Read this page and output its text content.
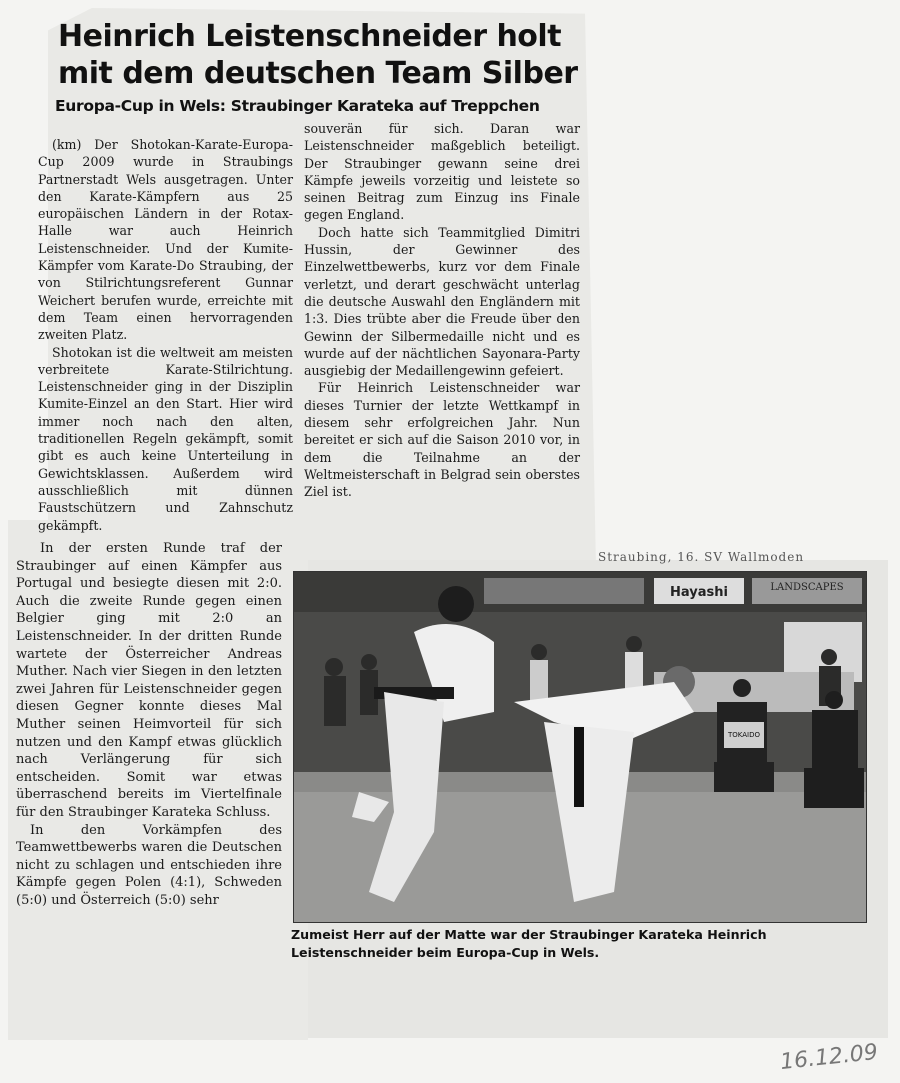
Heinrich Leistenschneider holt mit dem deutschen Team Silber
Europa-Cup in Wels: Straubinger Karateka auf Treppchen

(km) Der Shotokan-Karate-Europa-Cup 2009 wurde in Straubings Partnerstadt Wels ausgetragen. Unter den Karate-Kämpfern aus 25 europäischen Ländern in der Rotax-Halle war auch Heinrich Leistenschneider. Und der Kumite-Kämpfer vom Karate-Do Straubing, der von Stilrichtungsreferent Gunnar Weichert berufen wurde, erreichte mit dem Team einen hervorragenden zweiten Platz.

Shotokan ist die weltweit am meisten verbreitete Karate-Stilrichtung. Leistenschneider ging in der Disziplin Kumite-Einzel an den Start. Hier wird immer noch nach den alten, traditionellen Regeln gekämpft, somit gibt es auch keine Unterteilung in Gewichtsklassen. Außerdem wird ausschließlich mit dünnen Faustschützern und Zahnschutz gekämpft.

souverän für sich. Daran war Leistenschneider maßgeblich beteiligt. Der Straubinger gewann seine drei Kämpfe jeweils vorzeitig und leistete so seinen Beitrag zum Einzug ins Finale gegen England.

Doch hatte sich Teammitglied Dimitri Hussin, der Gewinner des Einzelwettbewerbs, kurz vor dem Finale verletzt, und derart geschwächt unterlag die deutsche Auswahl den Engländern mit 1:3. Dies trübte aber die Freude über den Gewinn der Silbermedaille nicht und es wurde auf der nächtlichen Sayonara-Party ausgiebig der Medaillengewinn gefeiert.

Für Heinrich Leistenschneider war dieses Turnier der letzte Wettkampf in diesem sehr erfolgreichen Jahr. Nun bereitet er sich auf die Saison 2010 vor, in dem die Teilnahme an der Weltmeisterschaft in Belgrad sein oberstes Ziel ist.

Straubing, 16. SV Wallmoden

In der ersten Runde traf der Straubinger auf einen Kämpfer aus Portugal und besiegte diesen mit 2:0. Auch die zweite Runde gegen einen Belgier ging mit 2:0 an Leistenschneider. In der dritten Runde wartete der Österreicher Andreas Muther. Nach vier Siegen in den letzten zwei Jahren für Leistenschneider gegen diesen Gegner konnte dieses Mal Muther seinen Heimvorteil für sich nutzen und den Kampf etwas glücklich nach Verlängerung für sich entscheiden. Somit war etwas überraschend bereits im Viertelfinale für den Straubinger Karateka Schluss.

In den Vorkämpfen des Teamwettbewerbs waren die Deutschen nicht zu schlagen und entschieden ihre Kämpfe gegen Polen (4:1), Schweden (5:0) und Österreich (5:0) sehr

Hayashi	LANDSCAPES
TOKAIDO

Zumeist Herr auf der Matte war der Straubinger Karateka Heinrich Leistenschneider beim Europa-Cup in Wels.

16.12.09
